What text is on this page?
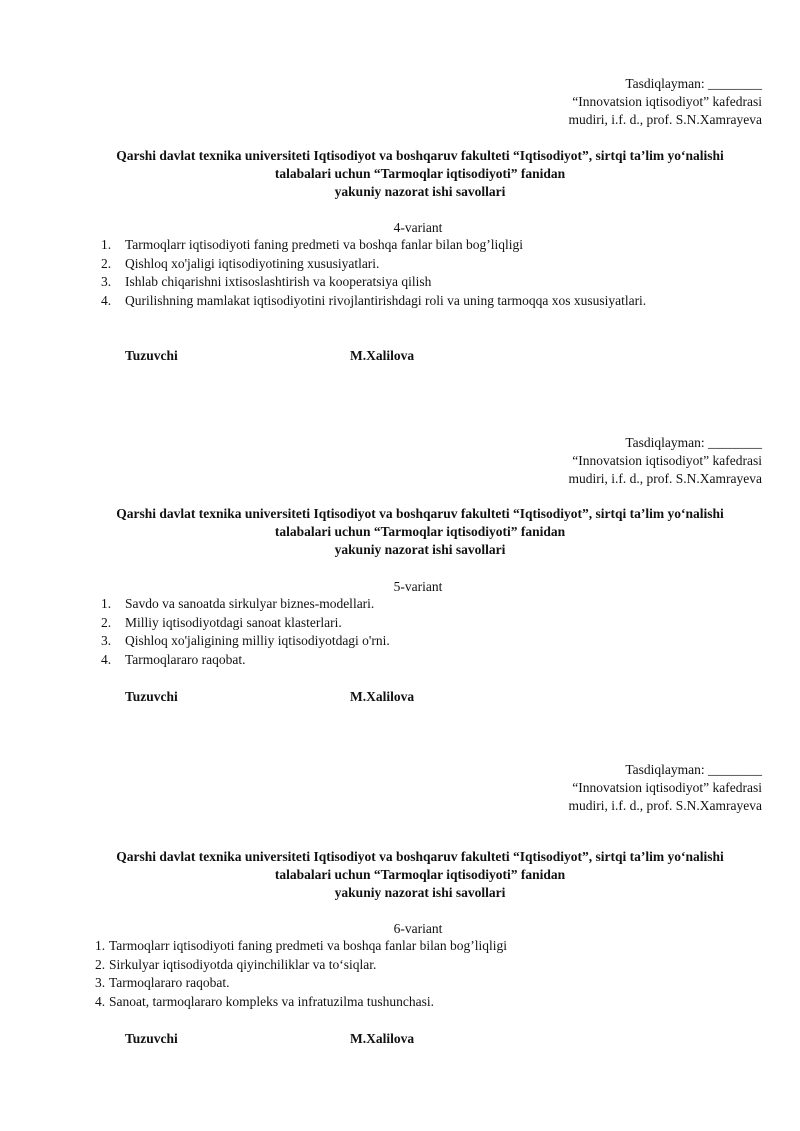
Tasdiqlayman: ________
“Innovatsion iqtisodiyot” kafedrasi
mudiri, i.f. d., prof. S.N.Xamrayeva
Qarshi davlat texnika universiteti Iqtisodiyot va boshqaruv fakulteti “Iqtisodiyot”, sirtqi ta’lim yo‘nalishi
talabalari uchun “Tarmoqlar iqtisodiyoti” fanidan
yakuniy nazorat ishi savollari
4-variant
1. Tarmoqlarr iqtisodiyoti faning predmeti va boshqa fanlar bilan bog’liqligi
2. Qishloq xo'jaligi iqtisodiyotining xususiyatlari.
3. Ishlab chiqarishni ixtisoslashtirish va kooperatsiya qilish
4. Qurilishning mamlakat iqtisodiyotini rivojlantirishdagi roli va uning tarmoqqa xos xususiyatlari.
Tuzuvchi	M.Xalilova
Tasdiqlayman: ________
“Innovatsion iqtisodiyot” kafedrasi
mudiri, i.f. d., prof. S.N.Xamrayeva
Qarshi davlat texnika universiteti Iqtisodiyot va boshqaruv fakulteti “Iqtisodiyot”, sirtqi ta’lim yo‘nalishi
talabalari uchun “Tarmoqlar iqtisodiyoti” fanidan
yakuniy nazorat ishi savollari
5-variant
1. Savdo va sanoatda sirkulyar biznes-modellari.
2. Milliy iqtisodiyotdagi sanoat klasterlari.
3. Qishloq xo'jaligining milliy iqtisodiyotdagi o'rni.
4. Tarmoqlararo raqobat.
Tuzuvchi	M.Xalilova
Tasdiqlayman: ________
“Innovatsion iqtisodiyot” kafedrasi
mudiri, i.f. d., prof. S.N.Xamrayeva
Qarshi davlat texnika universiteti Iqtisodiyot va boshqaruv fakulteti “Iqtisodiyot”, sirtqi ta’lim yo‘nalishi
talabalari uchun “Tarmoqlar iqtisodiyoti” fanidan
yakuniy nazorat ishi savollari
6-variant
1. Tarmoqlarr iqtisodiyoti faning predmeti va boshqa fanlar bilan bog’liqligi
2. Sirkulyar iqtisodiyotda qiyinchiliklar va to‘siqlar.
3. Tarmoqlararo raqobat.
4. Sanoat, tarmoqlararo kompleks va infratuzilma tushunchasi.
Tuzuvchi	M.Xalilova
